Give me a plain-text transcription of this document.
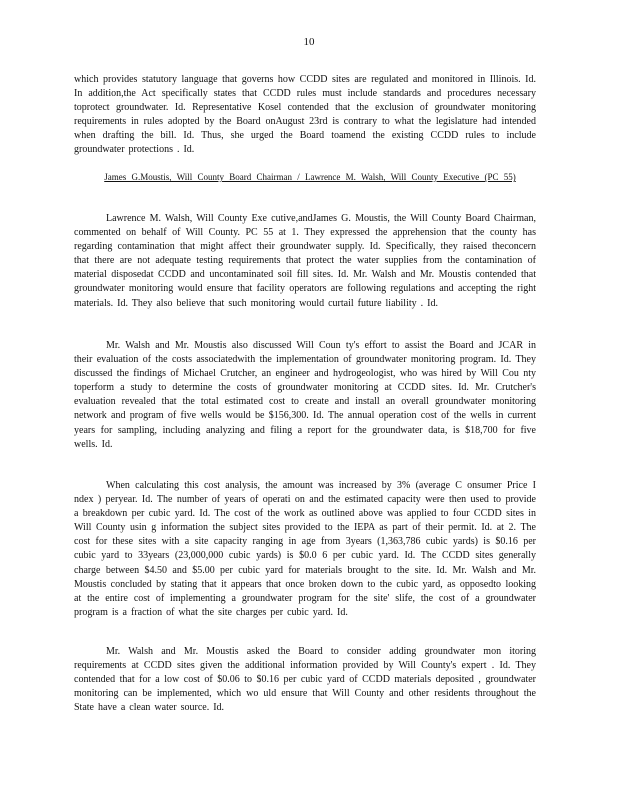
10

which provides statutory language that governs how CCDD sites are regulated and monitored in Illinois. Id. In addition,the Act specifically states that CCDD rules must include standards and procedures necessary toprotect groundwater. Id. Representative Kosel contended that the exclusion of groundwater monitoring requirements in rules adopted by the Board onAugust 23rd is contrary to what the legislature had intended when drafting the bill. Id. Thus, she urged the Board toamend the existing CCDD rules to include groundwater protections . Id.

James G.Moustis, Will County Board Chairman / Lawrence M. Walsh, Will County Executive (PC 55)

Lawrence M. Walsh, Will County Exe cutive,andJames G. Moustis, the Will County Board Chairman, commented on behalf of Will County. PC 55 at 1. They expressed the apprehension that the county has regarding contamination that might affect their groundwater supply. Id. Specifically, they raised theconcern that there are not adequate testing requirements that protect the water supplies from the contamination of material disposedat CCDD and uncontaminated soil fill sites. Id. Mr. Walsh and Mr. Moustis contended that groundwater monitoring would ensure that facility operators are following regulations and accepting the right materials. Id. They also believe that such monitoring would curtail future liability . Id.

Mr. Walsh and Mr. Moustis also discussed Will Coun ty's effort to assist the Board and JCAR in their evaluation of the costs associatedwith the implementation of groundwater monitoring program. Id. They discussed the findings of Michael Crutcher, an engineer and hydrogeologist, who was hired by Will Cou nty toperform a study to determine the costs of groundwater monitoring at CCDD sites. Id. Mr. Crutcher's evaluation revealed that the total estimated cost to create and install an overall groundwater monitoring network and program of five wells would be $156,300. Id. The annual operation cost of the wells in current years for sampling, including analyzing and filing a report for the groundwater data, is $18,700 for five wells. Id.

When calculating this cost analysis, the amount was increased by 3% (average C onsumer Price I ndex ) peryear. Id. The number of years of operati on and the estimated capacity were then used to provide a breakdown per cubic yard. Id. The cost of the work as outlined above was applied to four CCDD sites in Will County usin g information the subject sites provided to the IEPA as part of their permit. Id. at 2. The cost for these sites with a site capacity ranging in age from 3years (1,363,786 cubic yards) is $0.16 per cubic yard to 33years (23,000,000 cubic yards) is $0.0 6 per cubic yard. Id. The CCDD sites generally charge between $4.50 and $5.00 per cubic yard for materials brought to the site. Id. Mr. Walsh and Mr. Moustis concluded by stating that it appears that once broken down to the cubic yard, as opposedto looking at the entire cost of implementing a groundwater program for the site' slife, the cost of a groundwater program is a fraction of what the site charges per cubic yard. Id.

Mr. Walsh and Mr. Moustis asked the Board to consider adding groundwater mon itoring requirements at CCDD sites given the additional information provided by Will County's expert . Id. They contended that for a low cost of $0.06 to $0.16 per cubic yard of CCDD materials deposited , groundwater monitoring can be implemented, which wo uld ensure that Will County and other residents throughout the State have a clean water source. Id.
